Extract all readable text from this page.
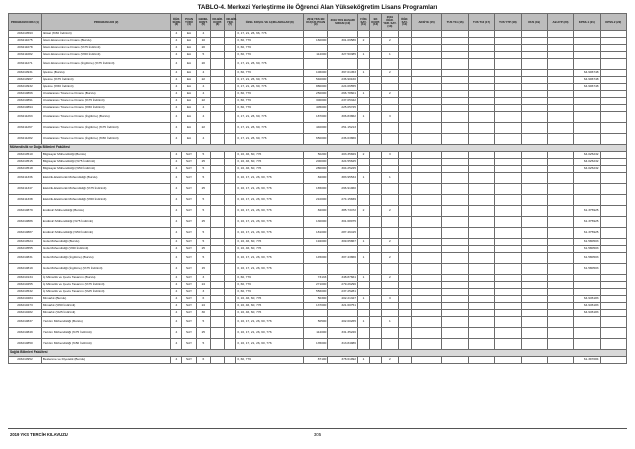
TABLO-4. Merkezi Yerleştirme ile Öğrenci Alan Yükseköğretim Lisans Programları
PROGRAM KODU (1)	PROGRAM ADI (2)	ÖĞR. SÜRE. (3)	PUAN TÜRÜ (4)	GENEL KONT. (5)	OK.BİR. KONT. (6)	OK.BİR. YER. (7)	ÖZEL KOŞUL VE AÇIKLAMALAR (8)	2019 YKS EN KÜÇÜK PUAN (9)	2019 YKS BAŞARI SIRASI (10)	Y.ÖN. SAY. (11)	EK KONT. (12)	2019 ÖĞR. YER. SAY. (13)	ÖĞR. SAY. (14)	AKSİYE (15)	TUS T11 (16)	TUS T12 (17)	TUS YTP (18)	DUS (19)	AB AYP (20)	KPSS-1 (21)	KPSS-2 (22)
203210593	Iktisat (%50 İndirimli)	4	EA	4			3, 17, 21, 26, 66, 776														
203211075	İslam Ekonomisi ve Finans (Burslu)	4	EA	10			3, 60, 776	160000	301.09586	2		2									
203211078	İslam Ekonomisi ve Finans (%75 İndirimli)	4	EA	20			3, 60, 776														
203211082	İslam Ekonomisi ve Finans (%50 İndirimli)	4	EA	5			3, 60, 776	112000	327.50385	1		1									
203211271	İslam Ekonomisi ve Finans (İngilizce) (%75 İndirimli)	4	EA	20			3, 17, 21, 26, 60, 776														
203210931	İşletme (Burslu)	4	EA	4			3, 60, 776	106000	397.01453	1		2								64.906748	
203210967	İşletme (%75 İndirimli)	4	EA	22			3, 17, 21, 26, 60, 776	540000	236.90160											64.906748	
203210932	İşletme (%50 İndirimli)	4	EA	4			3, 17, 21, 26, 60, 776	880000	224.06555											64.906748	
203210866	Uluslararası Ticaret ve Finans (Burslu)	4	EA	4			3, 60, 776	250000	266.78601	1		2									
203210891	Uluslararası Ticaret ve Finans (%75 İndirimli)	4	EA	22			3, 60, 776	300000	237.05342												
203210894	Uluslararası Ticaret ve Finans (%50 İndirimli)	4	EA	4			3, 60, 776	405000	225.05725												
203211263	Uluslararası Ticaret ve Finans (İngilizce) (Burslu)	4	EA	4			3, 17, 21, 26, 60, 776	187000	306.83862	1		3									
203211267	Uluslararası Ticaret ve Finans (İngilizce) (%75 İndirimli)	4	EA	22			3, 17, 21, 26, 60, 776	440000	251.15213												
203211282	Uluslararası Ticaret ve Finans (İngilizce) (%50 İndirimli)	4	EA	4			3, 17, 21, 26, 60, 776	650000	236.03866												
Mühendislik ve Doğa Bilimleri Fakültesi																					
203210510	Bilgisayar Mühendisliği (Burslu)	4	SAY	5			3, 16, 46, 60, 776	50200	403.35829	2		3								64.025232	
203210515	Bilgisayar Mühendisliği (%75 İndirimli)	4	SAY	25			3, 16, 46, 60, 776	200000	324.55625											64.025232	
203210518	Bilgisayar Mühendisliği (%50 İndirimli)	4	SAY	5			3, 16, 46, 60, 776	280000	304.25225											64.025232	
203211336	Elektrik-Elektronik Mühendisliği (Burslu)	4	SAY	5			3, 16, 17, 21, 26, 60, 776	82000	383.95534	1		1									
203211347	Elektrik-Elektronik Mühendisliği (%75 İndirimli)	4	SAY	25			3, 16, 17, 21, 26, 60, 776	165000	296.91960												
203211338	Elektrik-Elektronik Mühendisliği (%50 İndirimli)	4	SAY	5			3, 16, 17, 21, 26, 60, 776	210000	274.15839												
203210879	Endüstri Mühendisliği (Burslu)	4	SAY	5			3, 16, 17, 21, 26, 60, 776	82000	385.73472	2		2								61.375925	
203210886	Endüstri Mühendisliği (%75 İndirimli)	4	SAY	25			3, 16, 17, 21, 26, 60, 776	130000	301.68075											61.375925	
203210887	Endüstri Mühendisliği (%50 İndirimli)	4	SAY	5			3, 16, 17, 21, 26, 60, 776	181000	287.46415											61.375925	
203210524	Gıda Mühendisliği (Burslu)	4	SAY	5			3, 16, 46, 60, 776	192000	309.65867	1		2								61.580503	
203210555	Gıda Mühendisliği (%50 İndirimli)	4	SAY	25			3, 16, 46, 60, 776													61.580503	
203210831	Gıda Mühendisliği (İngilizce) (Burslu)	4	SAY	5			3, 16, 17, 21, 26, 60, 776	145000	307.43866	1		2								61.580503	
203210819	Gıda Mühendisliği (İngilizce) (%75 İndirimli)	4	SAY	15			3, 16, 17, 21, 26, 60, 776													61.580503	
203210134	İç Mimarlık ve Çevre Tasarımı (Burslu)	4	SAY	3			3, 60, 776	73133	348.87661	1		2									
203210255	İç Mimarlık ve Çevre Tasarımı (%75 İndirimli)	4	SAY	24			3, 60, 776	271000	279.26296												
203210532	İç Mimarlık ve Çevre Tasarımı (%25 İndirimli)	4	SAY	3			3, 60, 776	556000	237.25281												
203210284	Mimarlık (Burslu)	4	SAY	6			3, 16, 46, 60, 776	50300	402.21327	1		3								64.945183	
203210273	Mimarlık (%50 İndirimli)	4	SAY	24			3, 16, 46, 60, 776	137000	321.60751											64.945183	
203210282	Mimarlık (%25 İndirimli)	4	SAY	30			3, 16, 46, 60, 776													64.945183	
203210837	Yazılım Mühendisliği (Burslu)	4	SAY	5			3, 16, 17, 21, 26, 60, 776	50500	402.00265	1		1									
203210849	Yazılım Mühendisliği (%75 İndirimli)	4	SAY	25			3, 16, 17, 21, 26, 60, 776	112000	331.35226												
203210850	Yazılım Mühendisliği (%50 İndirimli)	4	SAY	5			3, 16, 17, 21, 26, 60, 776	135000	313.84986												
Sağlık Bilimleri Fakültesi																					
203210952	Beslenme ve Diyetetik (Burslu)	4	SAY	6			3, 60, 776	87100	378.61992	1		2								61.397084	
2019 YKS TERCİH KILAVUZU	305
